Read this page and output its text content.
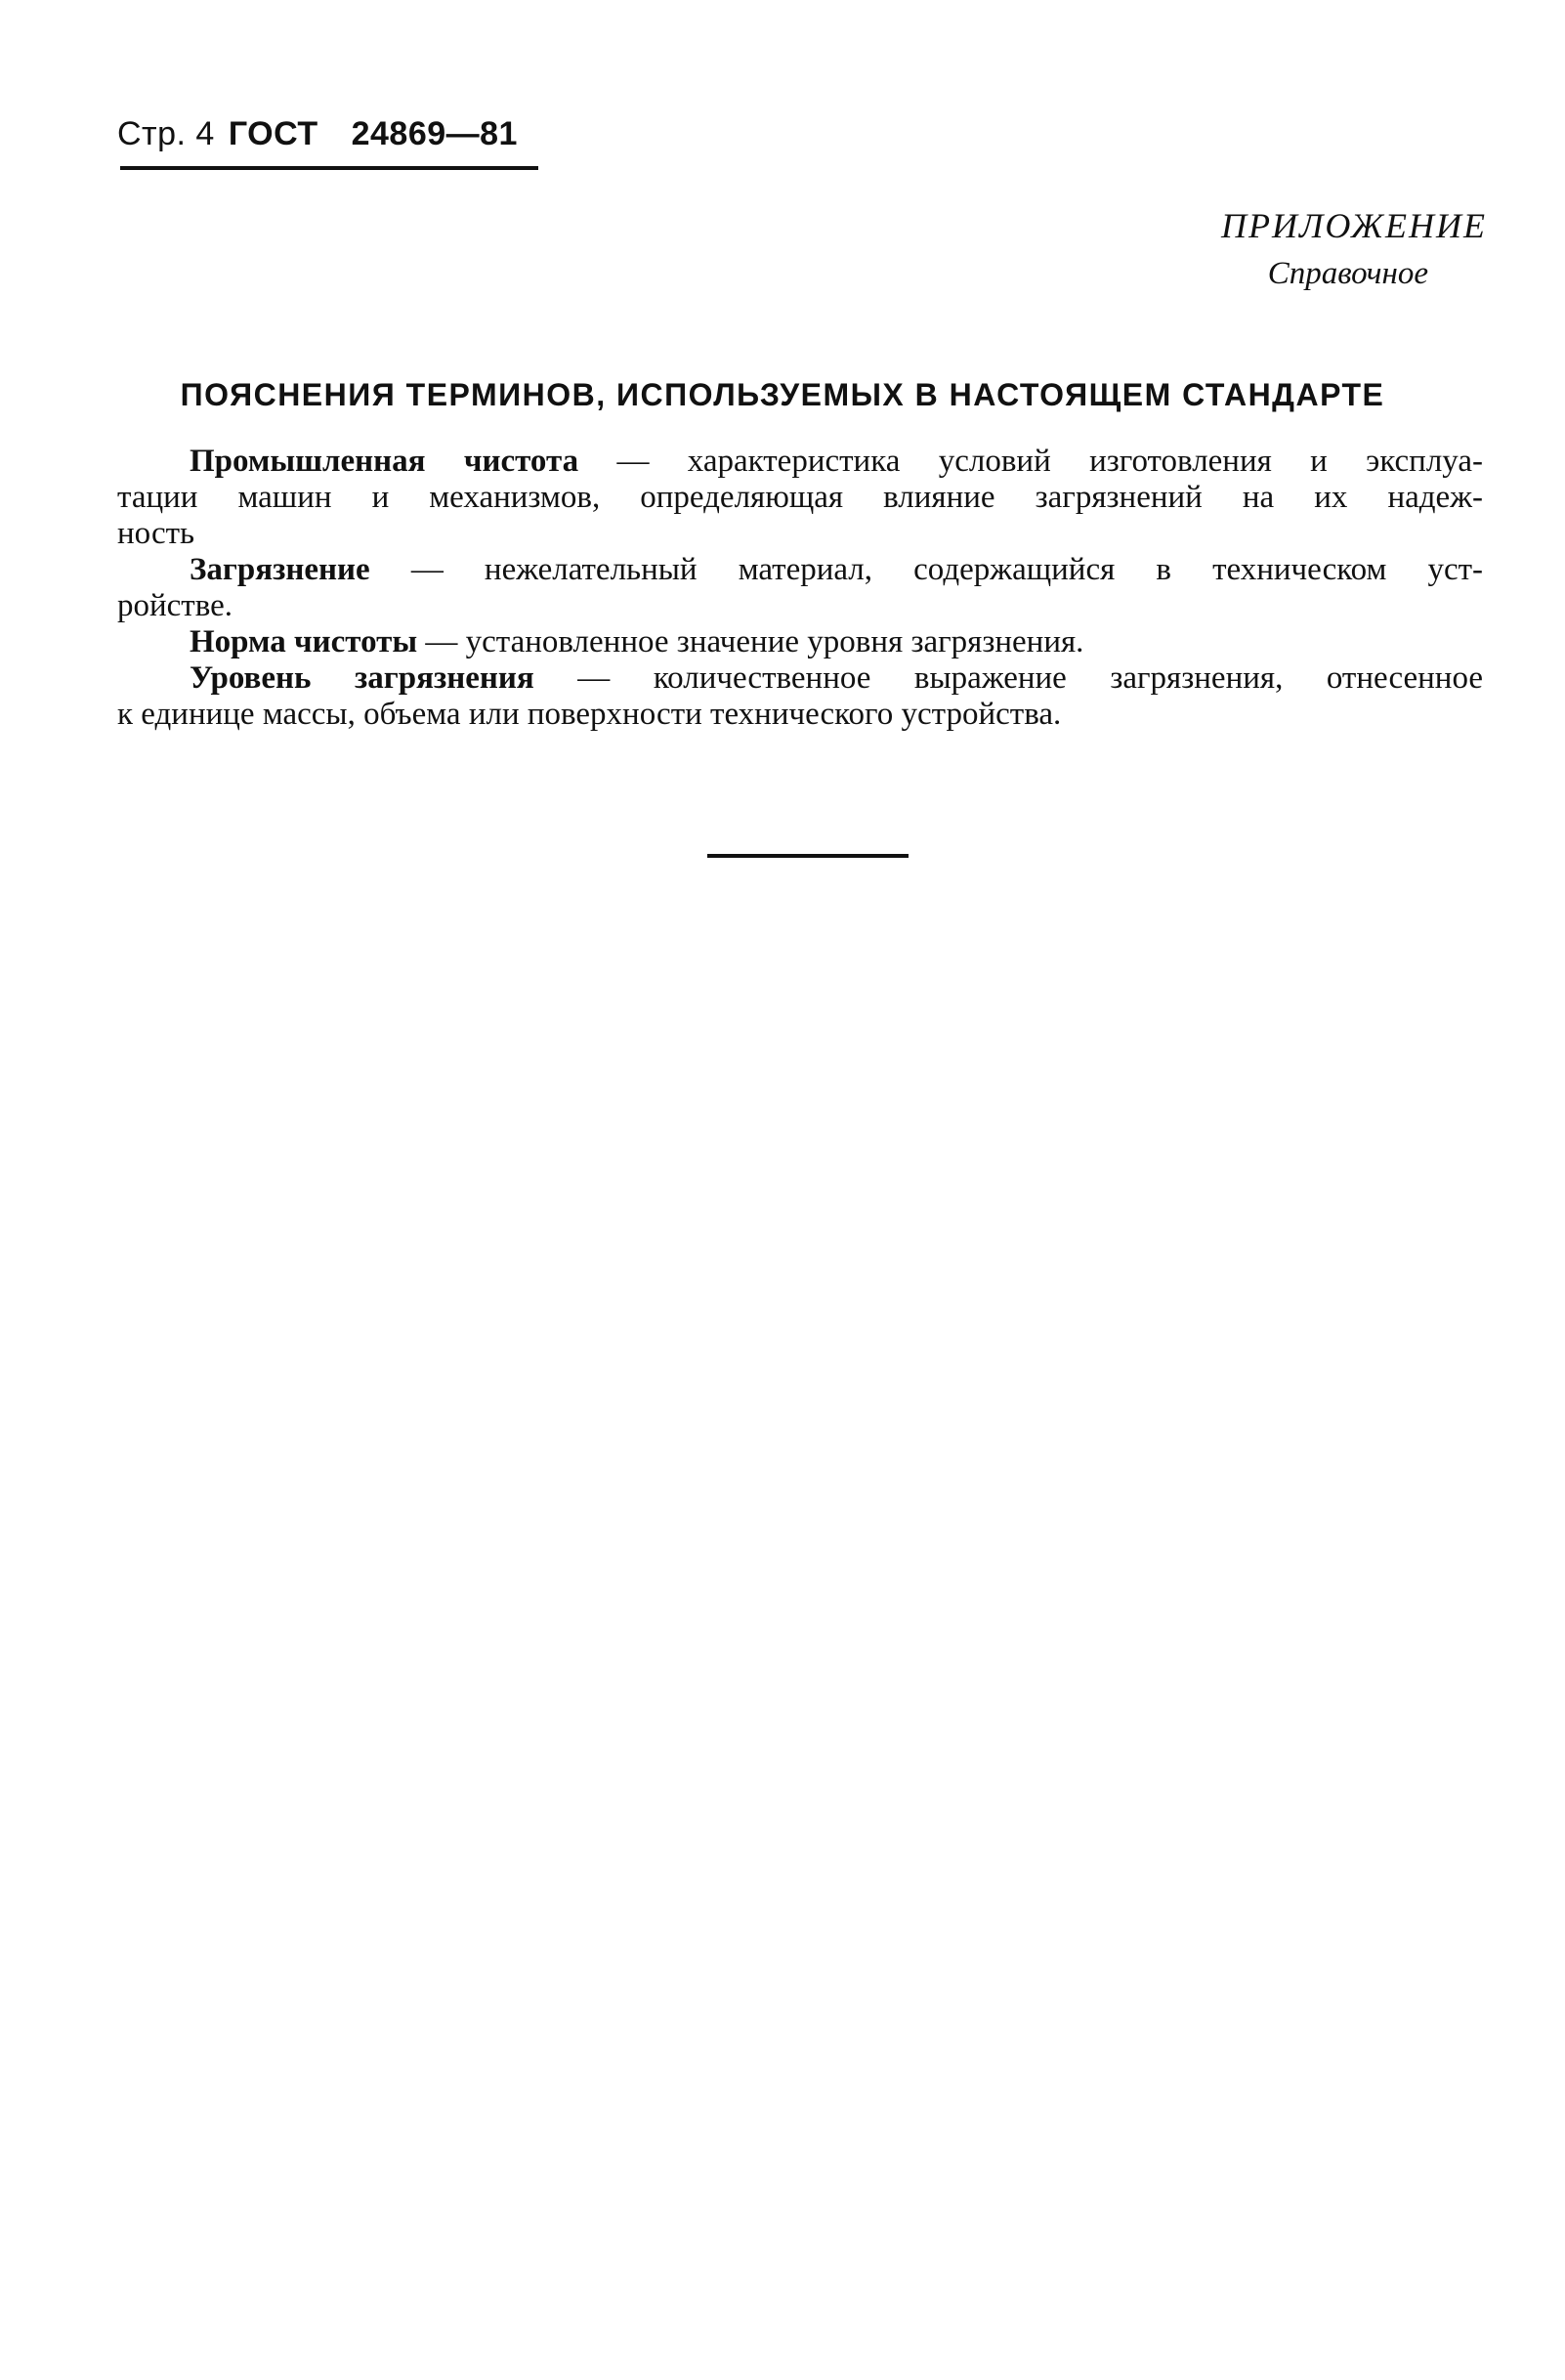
Стр. 4 ГОСТ 24869—81
ПРИЛОЖЕНИЕ
Справочное
ПОЯСНЕНИЯ ТЕРМИНОВ, ИСПОЛЬЗУЕМЫХ В НАСТОЯЩЕМ СТАНДАРТЕ
Промышленная чистота — характеристика условий изготовления и эксплуа-
тации машин и механизмов, определяющая влияние загрязнений на их надеж-
ность
Загрязнение — нежелательный материал, содержащийся в техническом уст-
ройстве.
Норма чистоты — установленное значение уровня загрязнения.
Уровень загрязнения — количественное выражение загрязнения, отнесенное
к единице массы, объема или поверхности технического устройства.
